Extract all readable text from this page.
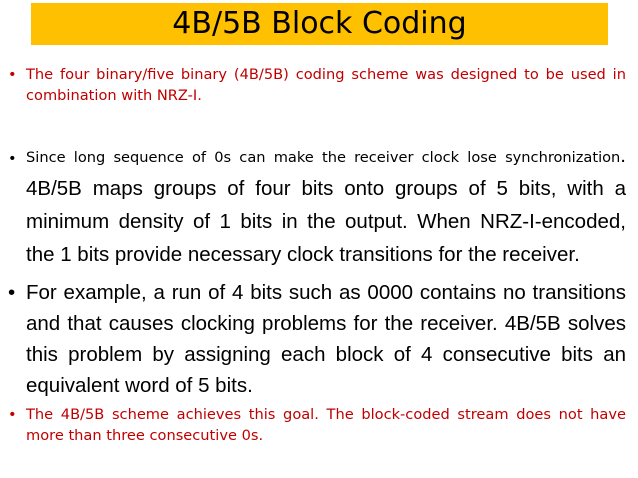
4B/5B Block Coding
• The four binary/five binary (4B/5B) coding scheme was designed to be used in combination with NRZ-I.
• Since long sequence of 0s can make the receiver clock lose synchronization. 4B/5B maps groups of four bits onto groups of 5 bits, with a minimum density of 1 bits in the output. When NRZ-I-encoded, the 1 bits provide necessary clock transitions for the receiver.
• For example, a run of 4 bits such as 0000 contains no transitions and that causes clocking problems for the receiver. 4B/5B solves this problem by assigning each block of 4 consecutive bits an equivalent word of 5 bits.
• The 4B/5B scheme achieves this goal. The block-coded stream does not have more than three consecutive 0s.
